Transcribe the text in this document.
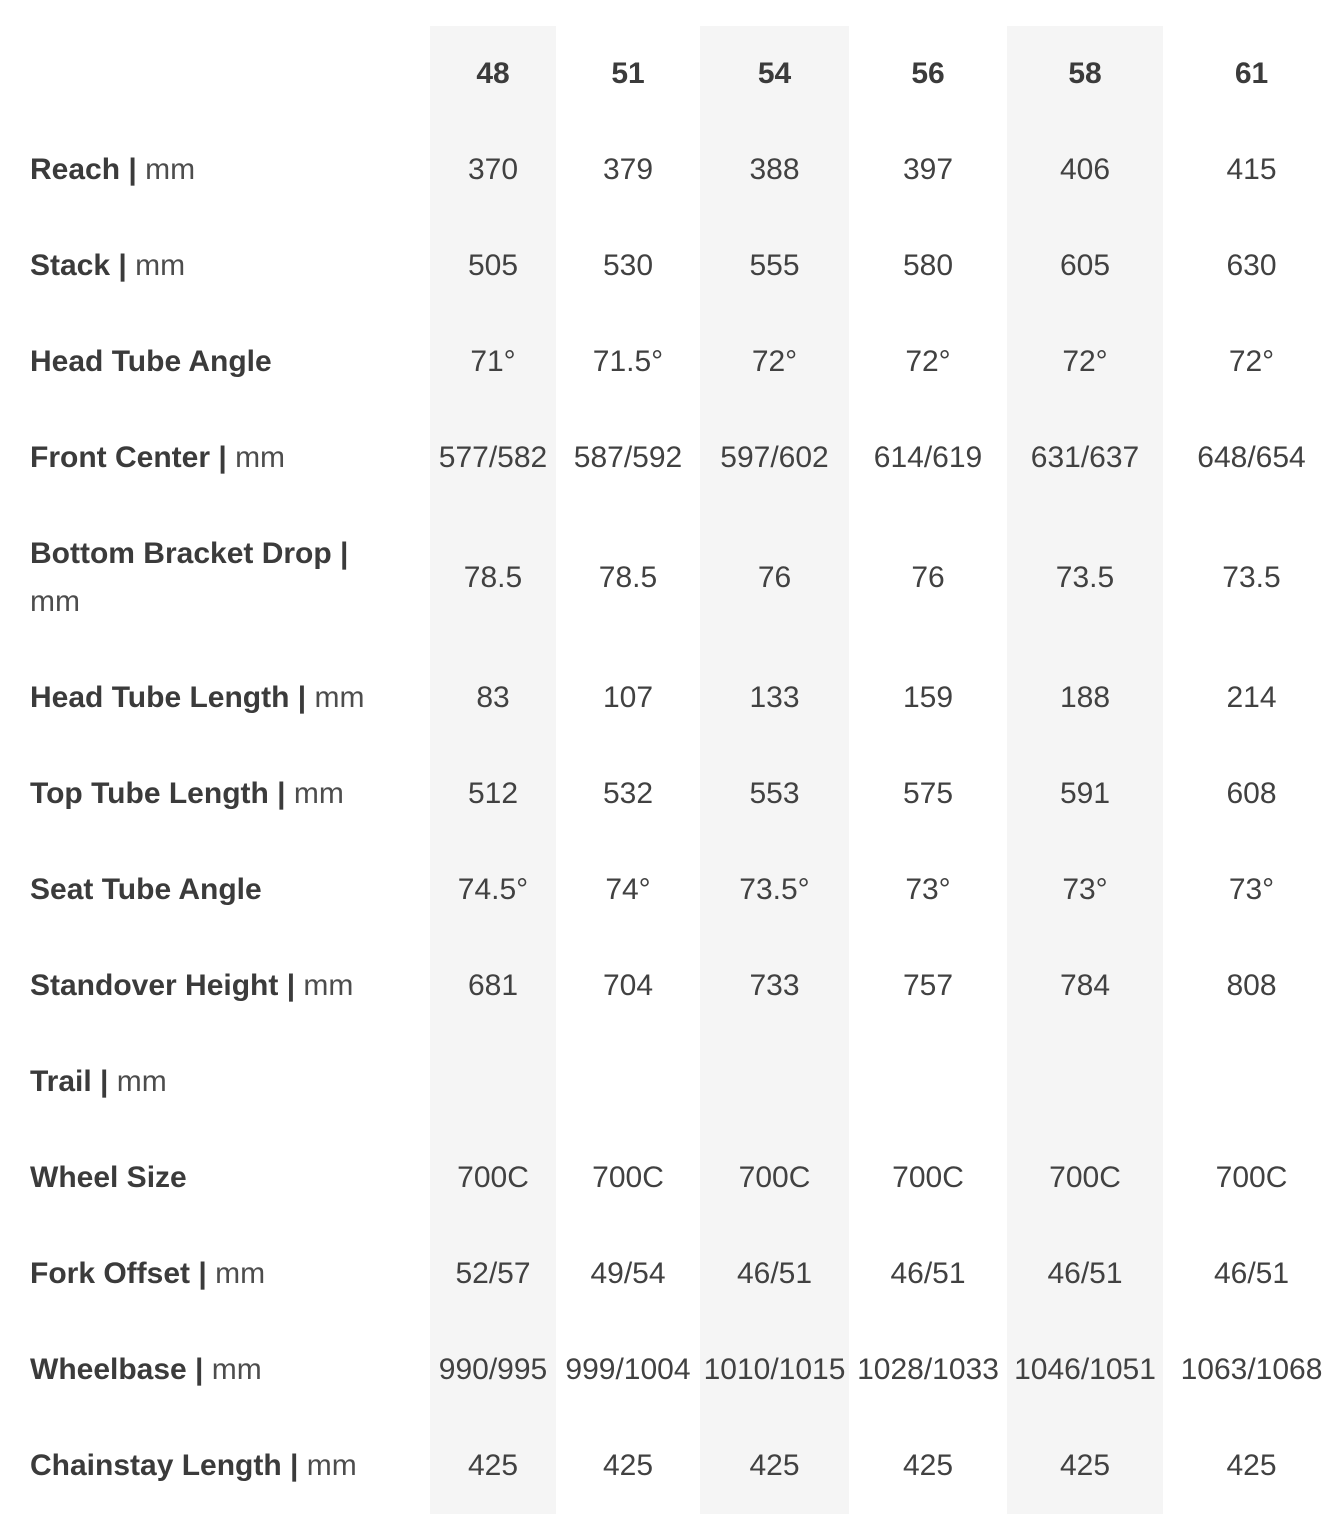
	48	51	54	56	58	61
Reach | mm	370	379	388	397	406	415
Stack | mm	505	530	555	580	605	630
Head Tube Angle	71°	71.5°	72°	72°	72°	72°
Front Center | mm	577/582	587/592	597/602	614/619	631/637	648/654
Bottom Bracket Drop |
mm	78.5	78.5	76	76	73.5	73.5
Head Tube Length | mm	83	107	133	159	188	214
Top Tube Length | mm	512	532	553	575	591	608
Seat Tube Angle	74.5°	74°	73.5°	73°	73°	73°
Standover Height | mm	681	704	733	757	784	808
Trail | mm						
Wheel Size	700C	700C	700C	700C	700C	700C
Fork Offset | mm	52/57	49/54	46/51	46/51	46/51	46/51
Wheelbase | mm	990/995	999/1004	1010/1015	1028/1033	1046/1051	1063/1068
Chainstay Length | mm	425	425	425	425	425	425
